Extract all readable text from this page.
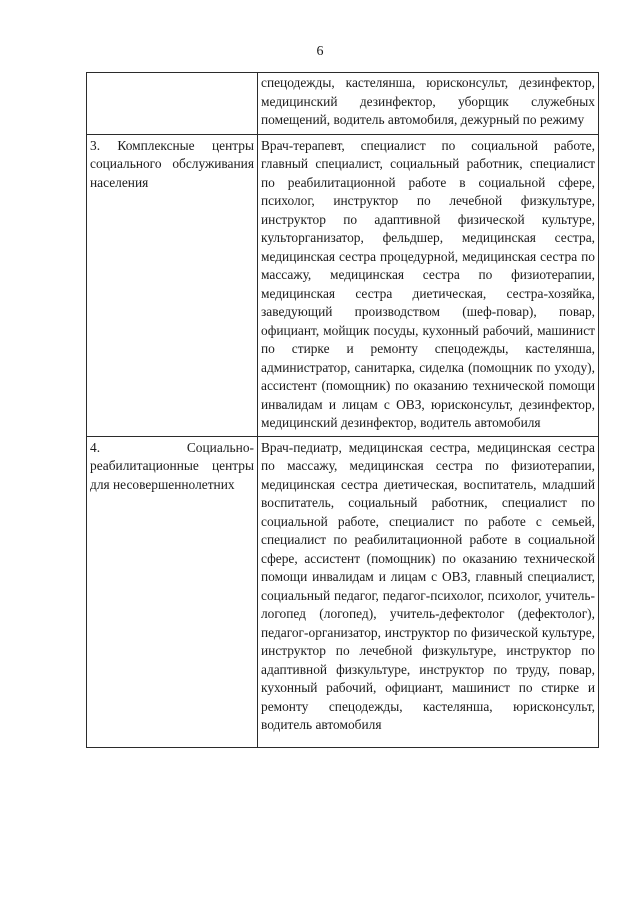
6

	спецодежды, кастелянша, юрисконсульт, дезинфектор, медицинский дезинфектор, уборщик служебных помещений, водитель автомобиля, дежурный по режиму

3. Комплексные центры социального обслуживания населения	Врач-терапевт, специалист по социальной работе, главный специалист, социальный работник, специалист по реабилитационной работе в социальной сфере, психолог, инструктор по лечебной физкультуре, инструктор по адаптивной физической культуре, культорганизатор, фельдшер, медицинская сестра, медицинская сестра процедурной, медицинская сестра по массажу, медицинская сестра по физиотерапии, медицинская сестра диетическая, сестра-хозяйка, заведующий производством (шеф-повар), повар, официант, мойщик посуды, кухонный рабочий, машинист по стирке и ремонту спецодежды, кастелянша, администратор, санитарка, сиделка (помощник по уходу), ассистент (помощник) по оказанию технической помощи инвалидам и лицам с ОВЗ, юрисконсульт, дезинфектор, медицинский дезинфектор, водитель автомобиля

4. Социально-реабилитационные центры для несовершеннолетних	Врач-педиатр, медицинская сестра, медицинская сестра по массажу, медицинская сестра по физиотерапии, медицинская сестра диетическая, воспитатель, младший воспитатель, социальный работник, специалист по социальной работе, специалист по работе с семьей, специалист по реабилитационной работе в социальной сфере, ассистент (помощник) по оказанию технической помощи инвалидам и лицам с ОВЗ, главный специалист, социальный педагог, педагог-психолог, психолог, учитель-логопед (логопед), учитель-дефектолог (дефектолог), педагог-организатор, инструктор по физической культуре, инструктор по лечебной физкультуре, инструктор по адаптивной физкультуре, инструктор по труду, повар, кухонный рабочий, официант, машинист по стирке и ремонту спецодежды, кастелянша, юрисконсульт, водитель автомобиля
